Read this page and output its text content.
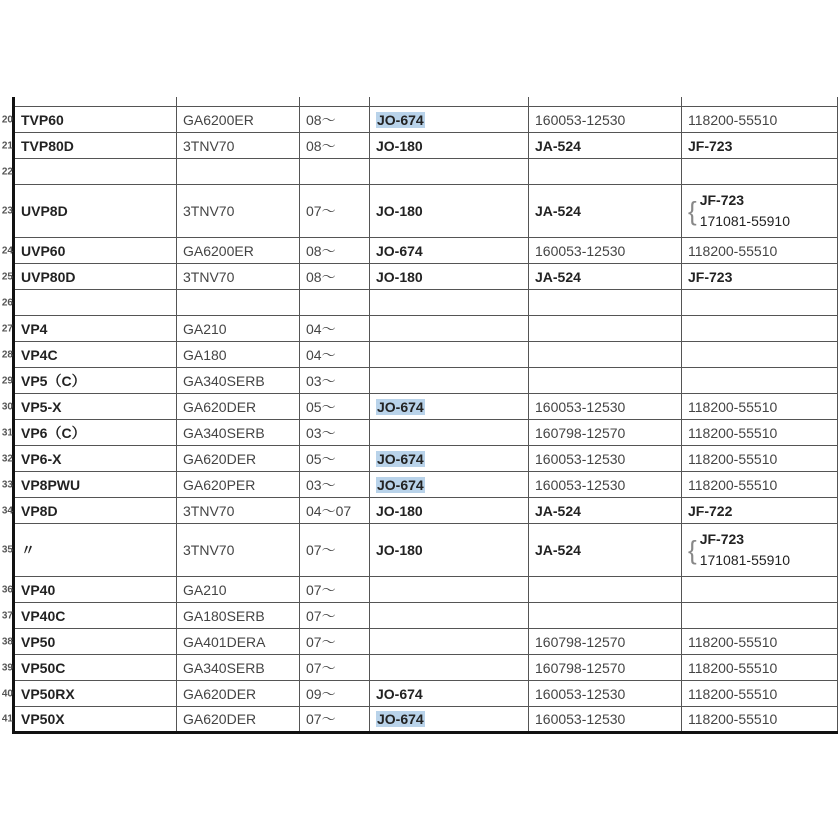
20 TVP60	GA6200ER	08～	JO-674	160053-12530	118200-55510

21 TVP80D	3TNV70	08～	JO-180	JA-524	JF-723

22					

23 UVP8D	3TNV70	07～	JO-180	JA-524	{ JF-723
171081-55910

24 UVP60	GA6200ER	08～	JO-674	160053-12530	118200-55510

25 UVP80D	3TNV70	08～	JO-180	JA-524	JF-723

26					

27 VP4	GA210	04～			

28 VP4C	GA180	04～			

29 VP5（C）	GA340SERB	03～			

30 VP5-X	GA620DER	05～	JO-674	160053-12530	118200-55510

31 VP6（C）	GA340SERB	03～		160798-12570	118200-55510

32 VP6-X	GA620DER	05～	JO-674	160053-12530	118200-55510

33 VP8PWU	GA620PER	03～	JO-674	160053-12530	118200-55510

34 VP8D	3TNV70	04～07	JO-180	JA-524	JF-722

35 〃	3TNV70	07～	JO-180	JA-524	{ JF-723
171081-55910

36 VP40	GA210	07～			

37 VP40C	GA180SERB	07～			

38 VP50	GA401DERA	07～		160798-12570	118200-55510

39 VP50C	GA340SERB	07～		160798-12570	118200-55510

40 VP50RX	GA620DER	09～	JO-674	160053-12530	118200-55510

41 VP50X	GA620DER	07～	JO-674	160053-12530	118200-55510
